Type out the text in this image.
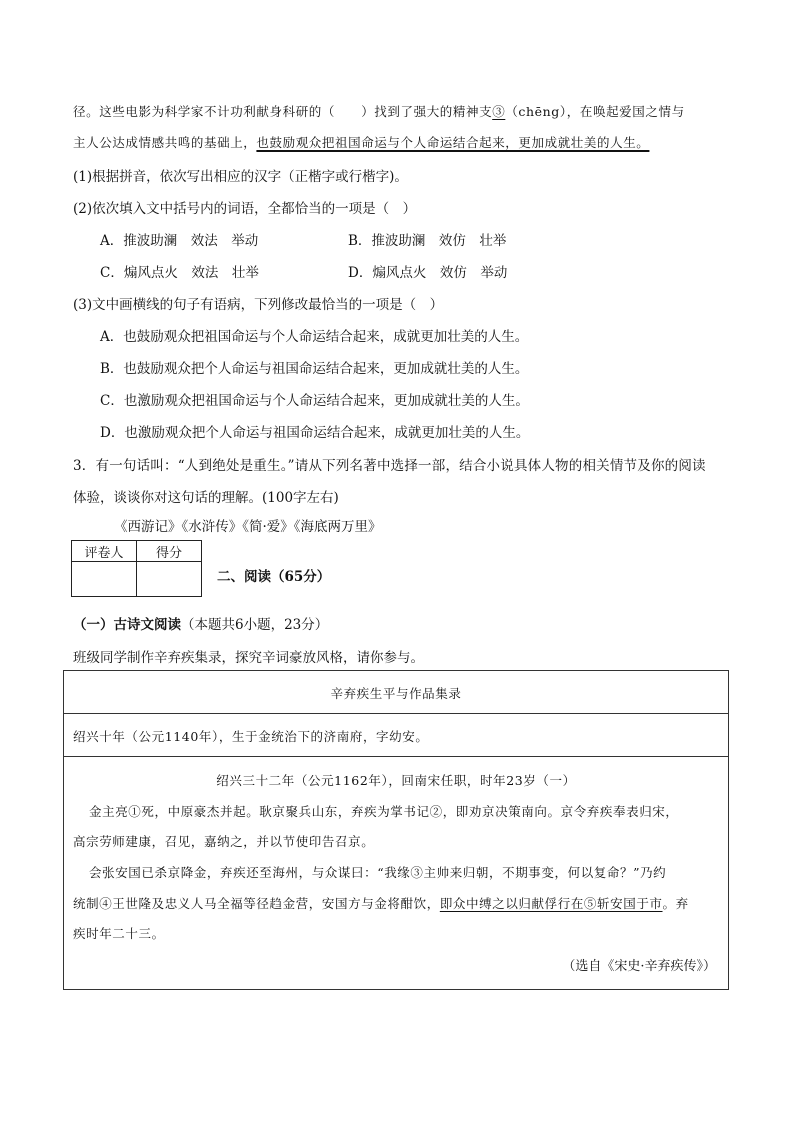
径。这些电影为科学家不计功利献身科研的（　　）找到了强大的精神支③（chēng），在唤起爱国之情与
主人公达成情感共鸣的基础上，也鼓励观众把祖国命运与个人命运结合起来，更加成就壮美的人生。
(1)根据拼音，依次写出相应的汉字（正楷字或行楷字)。
(2)依次填入文中括号内的词语，全都恰当的一项是（　）
A．推波助澜　效法　举动	B．推波助澜　效仿　壮举
C．煽风点火　效法　壮举	D．煽风点火　效仿　举动
(3)文中画横线的句子有语病，下列修改最恰当的一项是（　）
A．也鼓励观众把祖国命运与个人命运结合起来，成就更加壮美的人生。
B．也鼓励观众把个人命运与祖国命运结合起来，更加成就壮美的人生。
C．也激励观众把祖国命运与个人命运结合起来，更加成就壮美的人生。
D．也激励观众把个人命运与祖国命运结合起来，成就更加壮美的人生。
3．有一句话叫：“人到绝处是重生。”请从下列名著中选择一部，结合小说具体人物的相关情节及你的阅读
体验，谈谈你对这句话的理解。(100字左右)
《西游记》《水浒传》《简·爱》《海底两万里》
评卷人	得分

二、阅读（65分）
（一）古诗文阅读（本题共6小题，23分）
班级同学制作辛弃疾集录，探究辛词豪放风格，请你参与。
辛弃疾生平与作品集录
绍兴十年（公元1140年），生于金统治下的济南府，字幼安。
绍兴三十二年（公元1162年），回南宋任职，时年23岁（一）
金主亮①死，中原豪杰并起。耿京聚兵山东，弃疾为掌书记②，即劝京决策南向。京令弃疾奉表归宋，
高宗劳师建康，召见，嘉纳之，并以节使印告召京。
会张安国已杀京降金，弃疾还至海州，与众谋曰：“我缘③主帅来归朝，不期事变，何以复命？”乃约
统制④王世隆及忠义人马全福等径趋金营，安国方与金将酣饮，即众中缚之以归献俘行在⑤斩安国于市。弃
疾时年二十三。
（选自《宋史·辛弃疾传》）
